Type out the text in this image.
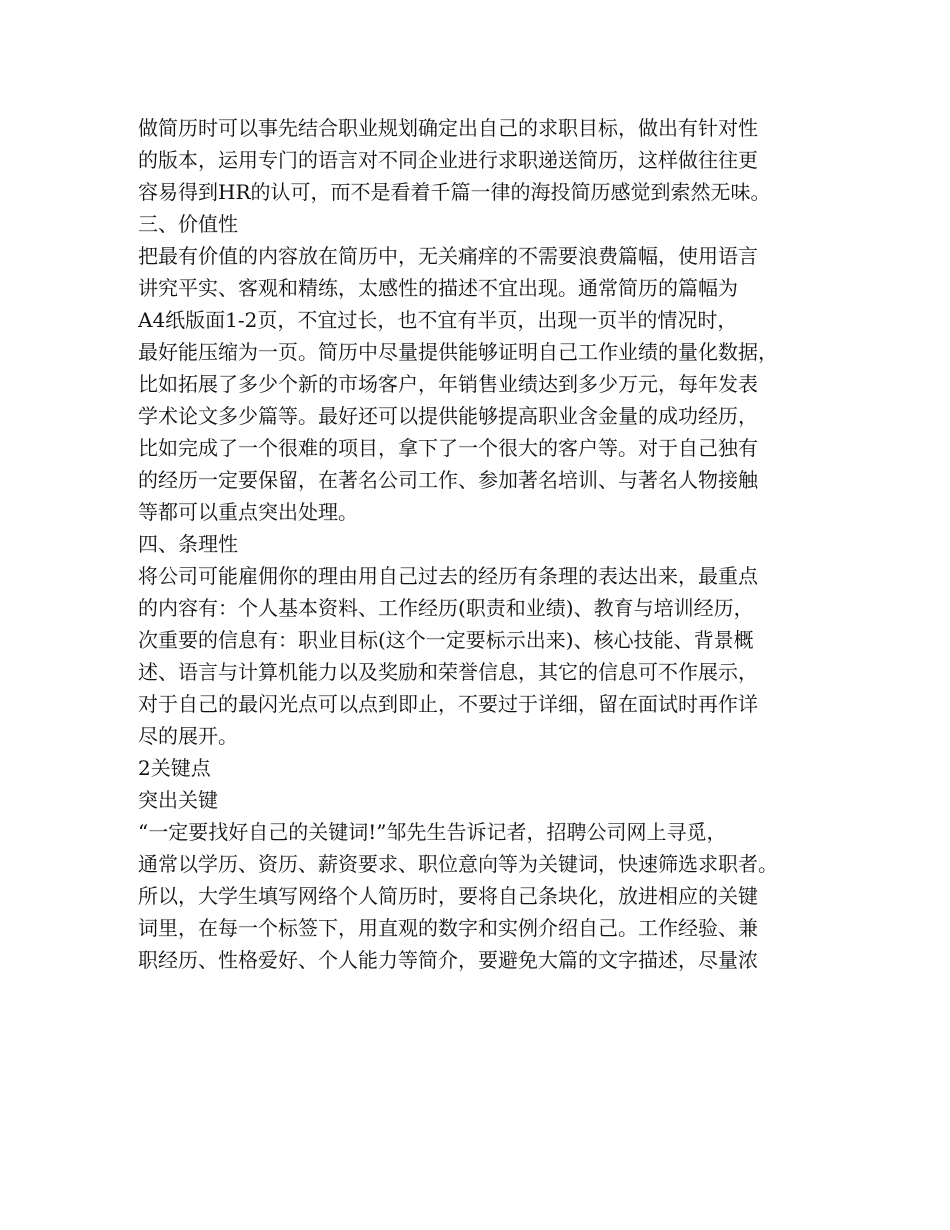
做简历时可以事先结合职业规划确定出自己的求职目标，做出有针对性
的版本，运用专门的语言对不同企业进行求职递送简历，这样做往往更
容易得到HR的认可，而不是看着千篇一律的海投简历感觉到索然无味。
三、价值性
把最有价值的内容放在简历中，无关痛痒的不需要浪费篇幅，使用语言
讲究平实、客观和精练，太感性的描述不宜出现。通常简历的篇幅为
A4纸版面1-2页，不宜过长，也不宜有半页，出现一页半的情况时，
最好能压缩为一页。简历中尽量提供能够证明自己工作业绩的量化数据，
比如拓展了多少个新的市场客户，年销售业绩达到多少万元，每年发表
学术论文多少篇等。最好还可以提供能够提高职业含金量的成功经历，
比如完成了一个很难的项目，拿下了一个很大的客户等。对于自己独有
的经历一定要保留，在著名公司工作、参加著名培训、与著名人物接触
等都可以重点突出处理。
四、条理性
将公司可能雇佣你的理由用自己过去的经历有条理的表达出来，最重点
的内容有：个人基本资料、工作经历(职责和业绩)、教育与培训经历，
次重要的信息有：职业目标(这个一定要标示出来)、核心技能、背景概
述、语言与计算机能力以及奖励和荣誉信息，其它的信息可不作展示，
对于自己的最闪光点可以点到即止，不要过于详细，留在面试时再作详
尽的展开。
2关键点
突出关键
“一定要找好自己的关键词!”邹先生告诉记者，招聘公司网上寻觅，
通常以学历、资历、薪资要求、职位意向等为关键词，快速筛选求职者。
所以，大学生填写网络个人简历时，要将自己条块化，放进相应的关键
词里，在每一个标签下，用直观的数字和实例介绍自己。工作经验、兼
职经历、性格爱好、个人能力等简介，要避免大篇的文字描述，尽量浓
